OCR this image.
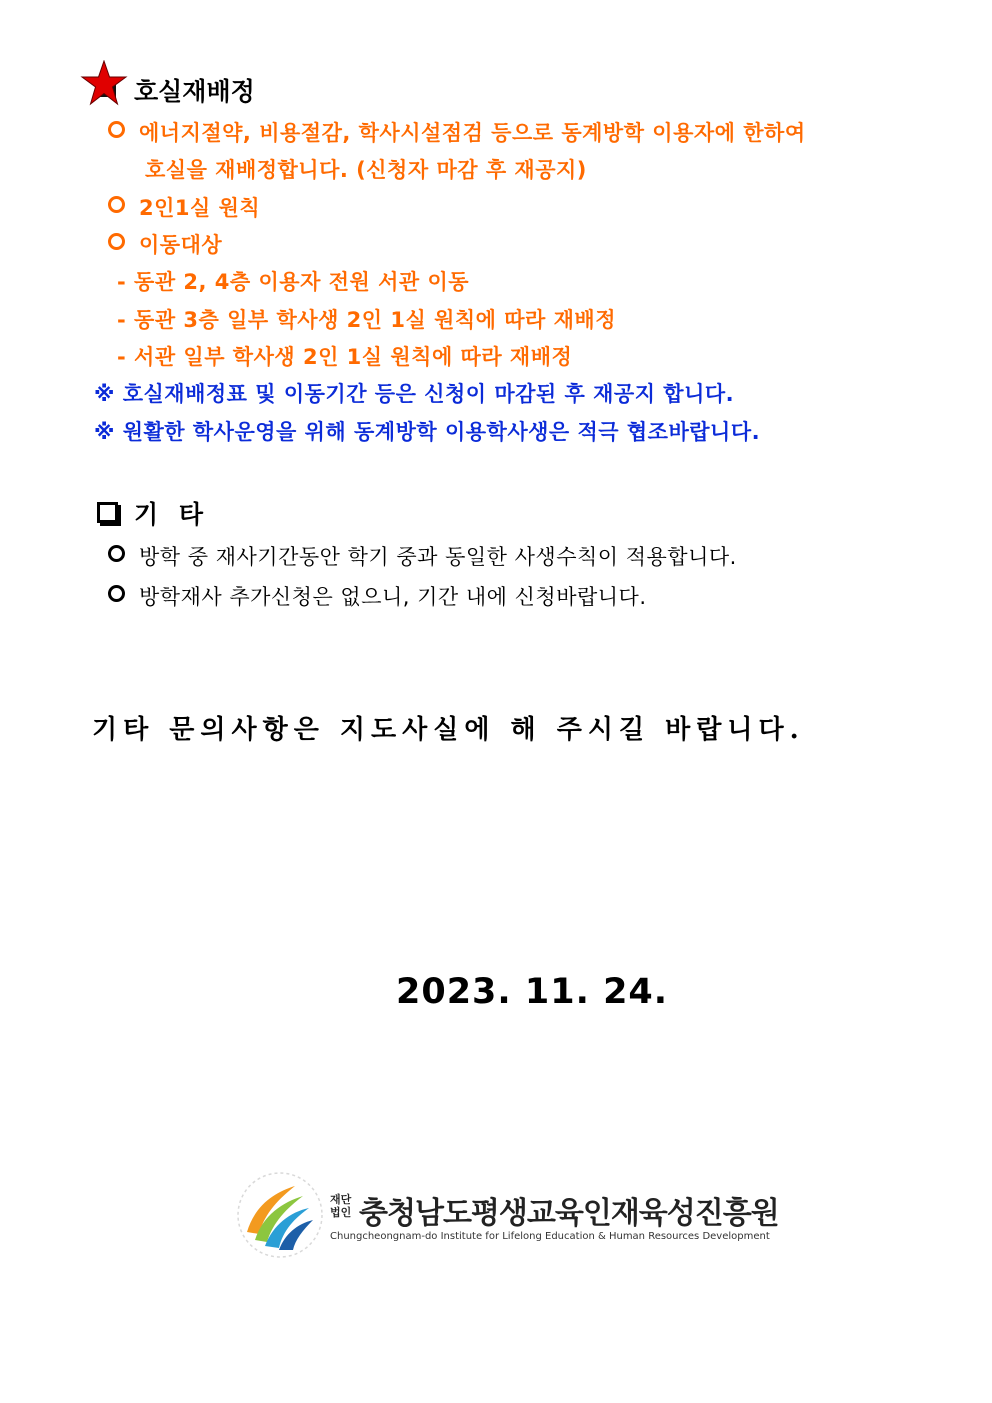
호실재배정
에너지절약, 비용절감, 학사시설점검 등으로 동계방학 이용자에 한하여
호실을 재배정합니다. (신청자 마감 후 재공지)
2인1실 원칙
이동대상
- 동관 2, 4층 이용자 전원 서관 이동
- 동관 3층 일부 학사생 2인 1실 원칙에 따라 재배정
- 서관 일부 학사생 2인 1실 원칙에 따라 재배정
※ 호실재배정표 및 이동기간 등은 신청이 마감된 후 재공지 합니다.
※ 원활한 학사운영을 위해 동계방학 이용학사생은 적극 협조바랍니다.
기 타
방학 중 재사기간동안 학기 중과 동일한 사생수칙이 적용합니다.
방학재사 추가신청은 없으니, 기간 내에 신청바랍니다.
기타 문의사항은 지도사실에 해 주시길 바랍니다.
2023. 11. 24.
재단
법인 충청남도평생교육인재육성진흥원
Chungcheongnam-do Institute for Lifelong Education & Human Resources Development
